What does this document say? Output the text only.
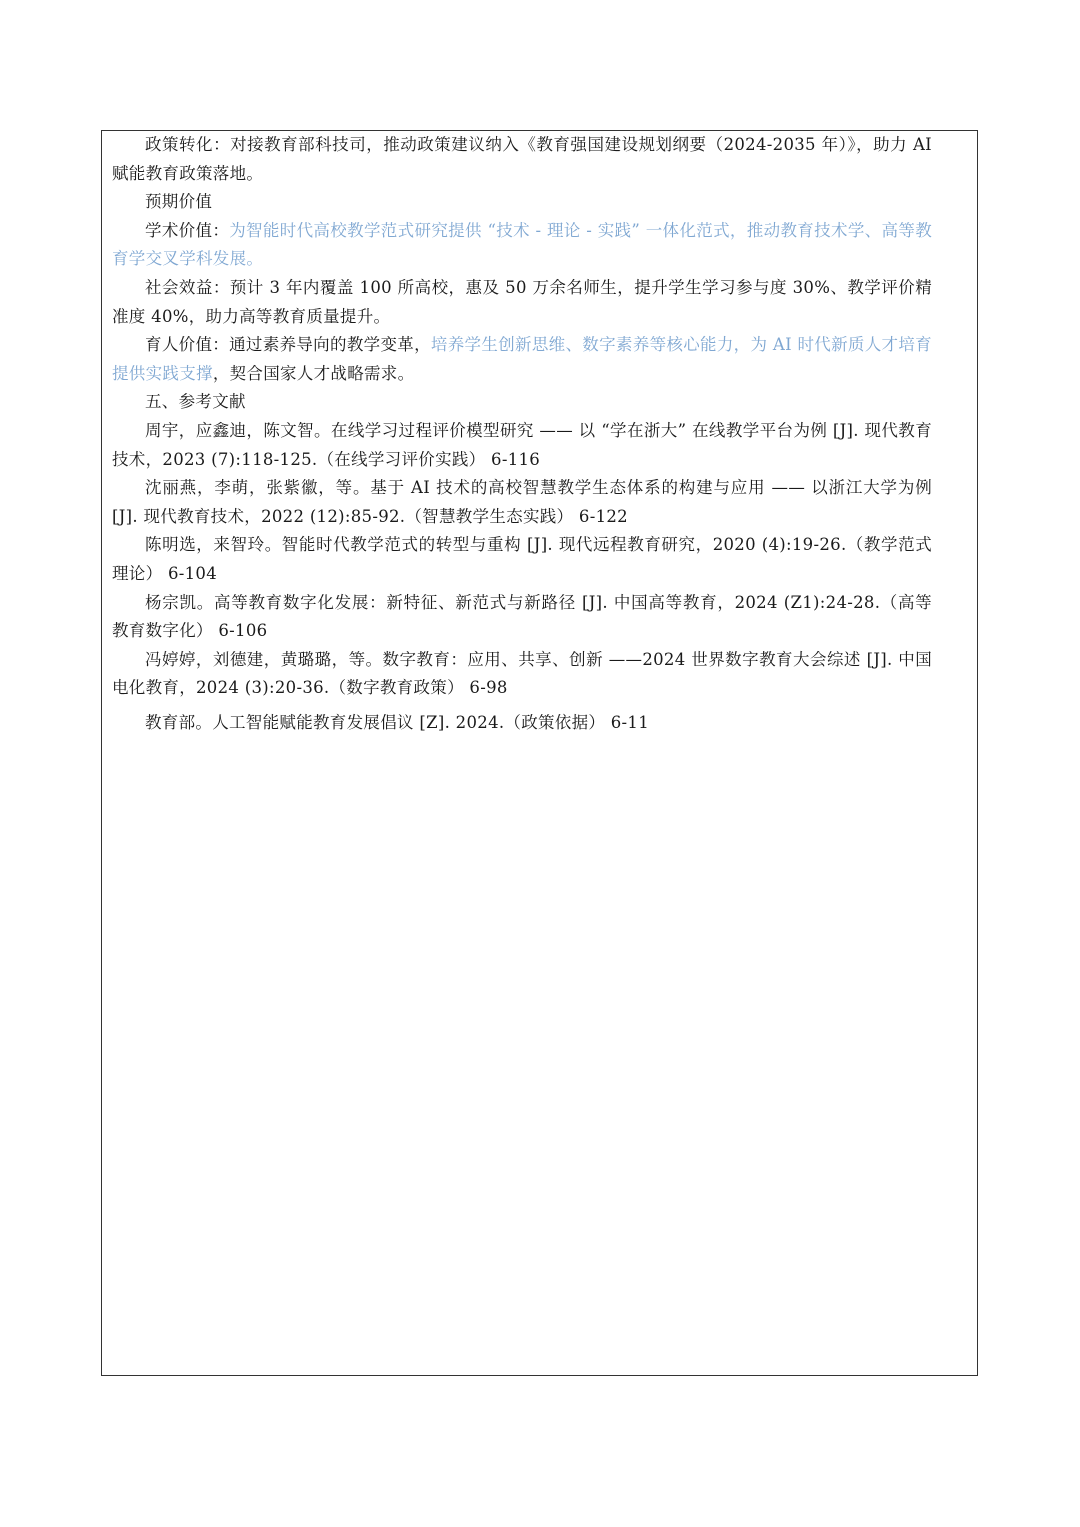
政策转化：对接教育部科技司，推动政策建议纳入《教育强国建设规划纲要（2024-2035 年）》，助力 AI 赋能教育政策落地。

预期价值

学术价值：为智能时代高校教学范式研究提供 “技术 - 理论 - 实践” 一体化范式，推动教育技术学、高等教育学交叉学科发展。

社会效益：预计 3 年内覆盖 100 所高校，惠及 50 万余名师生，提升学生学习参与度 30%、教学评价精准度 40%，助力高等教育质量提升。

育人价值：通过素养导向的教学变革，培养学生创新思维、数字素养等核心能力，为 AI 时代新质人才培育提供实践支撑，契合国家人才战略需求。

五、参考文献

周宇，应鑫迪，陈文智。在线学习过程评价模型研究 —— 以 “学在浙大” 在线教学平台为例 [J]. 现代教育技术，2023 (7):118-125.（在线学习评价实践） 6-116

沈丽燕，李萌，张紫徽，等。基于 AI 技术的高校智慧教学生态体系的构建与应用 —— 以浙江大学为例 [J]. 现代教育技术，2022 (12):85-92.（智慧教学生态实践） 6-122

陈明选，来智玲。智能时代教学范式的转型与重构 [J]. 现代远程教育研究，2020 (4):19-26.（教学范式理论） 6-104

杨宗凯。高等教育数字化发展：新特征、新范式与新路径 [J]. 中国高等教育，2024 (Z1):24-28.（高等教育数字化） 6-106

冯婷婷，刘德建，黄璐璐，等。数字教育：应用、共享、创新 ——2024 世界数字教育大会综述 [J]. 中国电化教育，2024 (3):20-36.（数字教育政策） 6-98

教育部。人工智能赋能教育发展倡议 [Z]. 2024.（政策依据） 6-11
